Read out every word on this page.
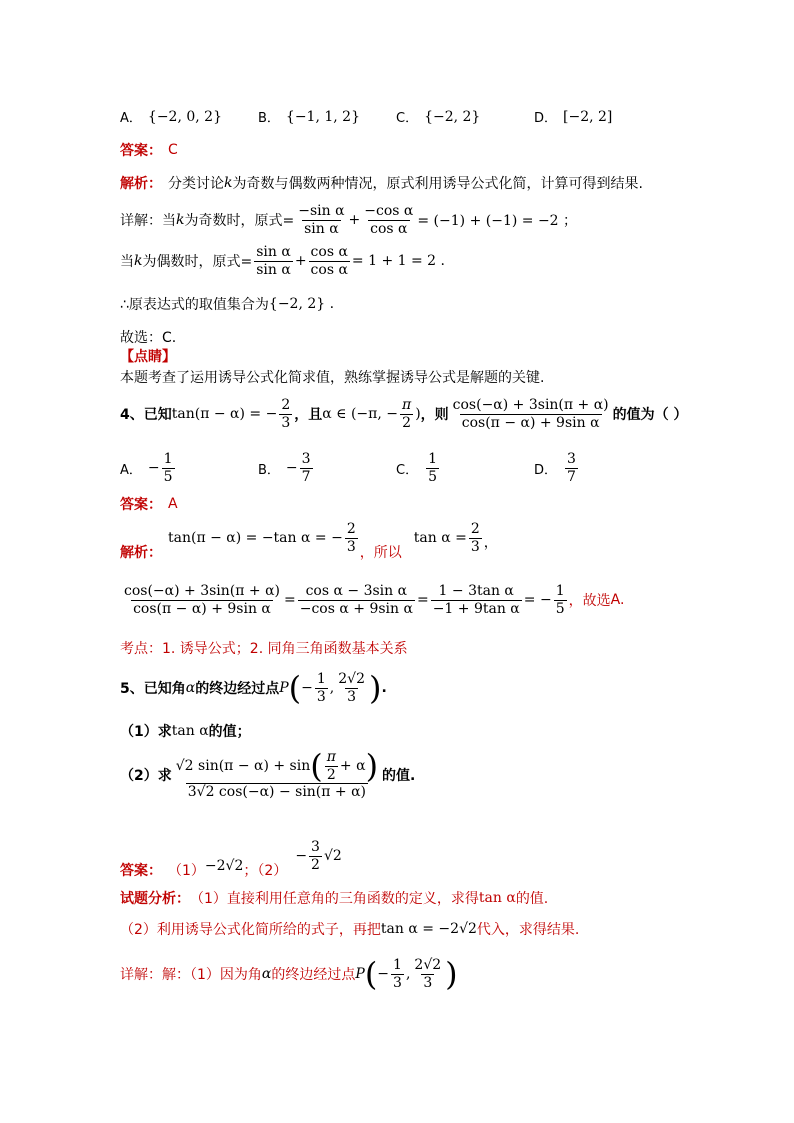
A． {−2, 0, 2}	B． {−1, 1, 2}	C． {−2, 2}	D． [−2, 2]
答案： C
解析： 分类讨论 k 为奇数与偶数两种情况，原式利用诱导公式化简，计算可得到结果.
详解：当 k 为奇数时，原式= $\frac{\text{−sin α}}{\text{sin α}} + \frac{\text{−cos α}}{\text{cos α}} = (-1) + (-1) = -2$ ；
当 k 为偶数时，原式= $\frac{\text{sin α}}{\text{sin α}} + \frac{\text{cos α}}{\text{cos α}} = 1 + 1 = 2$ .
∴原表达式的取值集合为 {−2, 2} .
故选：C.
【点睛】
本题考查了运用诱导公式化简求值，熟练掌握诱导公式是解题的关键.
4、已知 tan(π − α) = − $\frac{2}{3}$ ，且 α ∈ (−π, − $\frac{\pi}{2}$ ) ，则 $\frac{\cos(-\alpha) + 3\sin(\pi + \alpha)}{\text{cos(π − α) + 9sin α}}$ 的值为（ ）
A． − $\frac{1}{5}$	B． − $\frac{3}{7}$	C． $\frac{1}{5}$	D． $\frac{3}{7}$
答案： A
解析：
tan(π − α) = −tan α = − $\frac{2}{3}$ ，所以
$\tan \alpha = \frac{2}{3}$ ，
$\frac{\cos(-\alpha) + 3\sin(\pi + \alpha)}{\text{cos(π − α) + 9sin α}} = \frac{\text{cos α − 3sin α}}{\text{−cos α + 9sin α}} = \frac{\text{1 − 3tan α}}{\text{−1 + 9tan α}}$ = − $\frac{1}{5}$ ，故选 A.
考点：1. 诱导公式；2. 同角三角函数基本关系
5、已知角 α 的终边经过点 P ( − $\frac{1}{3}$ , $\frac{2√2}{3}$ ) .
（1）求 tan α 的值；
（2）求
√2 sin(π − α) + sin ( $\frac{\pi}{2} + \alpha$ )
3√2 cos(−α) − sin(π + α)
的值.
答案： （1） −2√2 ；（2）
− $\frac{3}{2} √2$
试题分析： （1）直接利用任意角的三角函数的定义，求得 tan α 的值.
（2）利用诱导公式化简所给的式子，再把 tan α = −2√2 代入，求得结果.
详解： 解：（1）因为角 α 的终边经过点 P ( − $\frac{1}{3}$ , $\frac{2√2}{3}$ )
